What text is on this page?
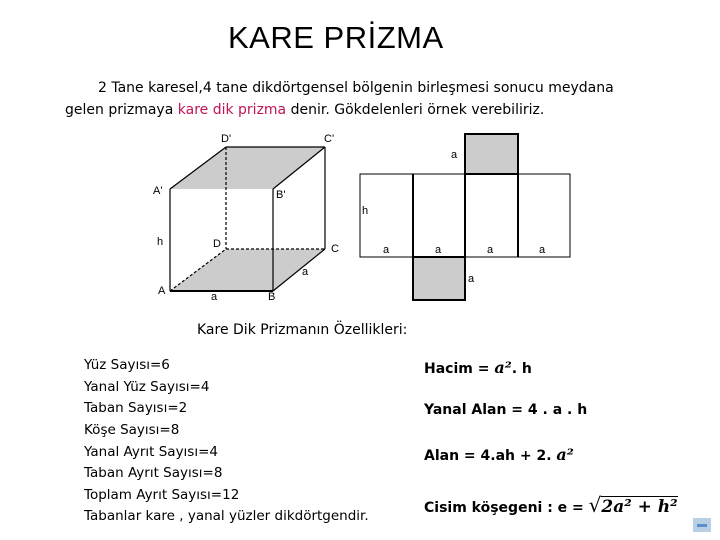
KARE PRİZMA
2 Tane karesel,4 tane dikdörtgensel bölgenin birleşmesi sonucu meydana
gelen prizmaya kare dik prizma denir. Gökdelenleri örnek verebiliriz.
D'	C'
A'	B'
h	D	C
a
A	a	B
a
h
a	a	a	a
a
Kare Dik Prizmanın Özellikleri:
Yüz Sayısı=6
Yanal Yüz Sayısı=4
Taban Sayısı=2
Köşe Sayısı=8
Yanal Ayrıt Sayısı=4
Taban Ayrıt Sayısı=8
Toplam Ayrıt Sayısı=12
Tabanlar kare , yanal yüzler dikdörtgendir.
Hacim = a². h
Yanal Alan = 4 . a . h
Alan = 4.ah + 2. a²
Cisim köşegeni : e = √2a² + h²
